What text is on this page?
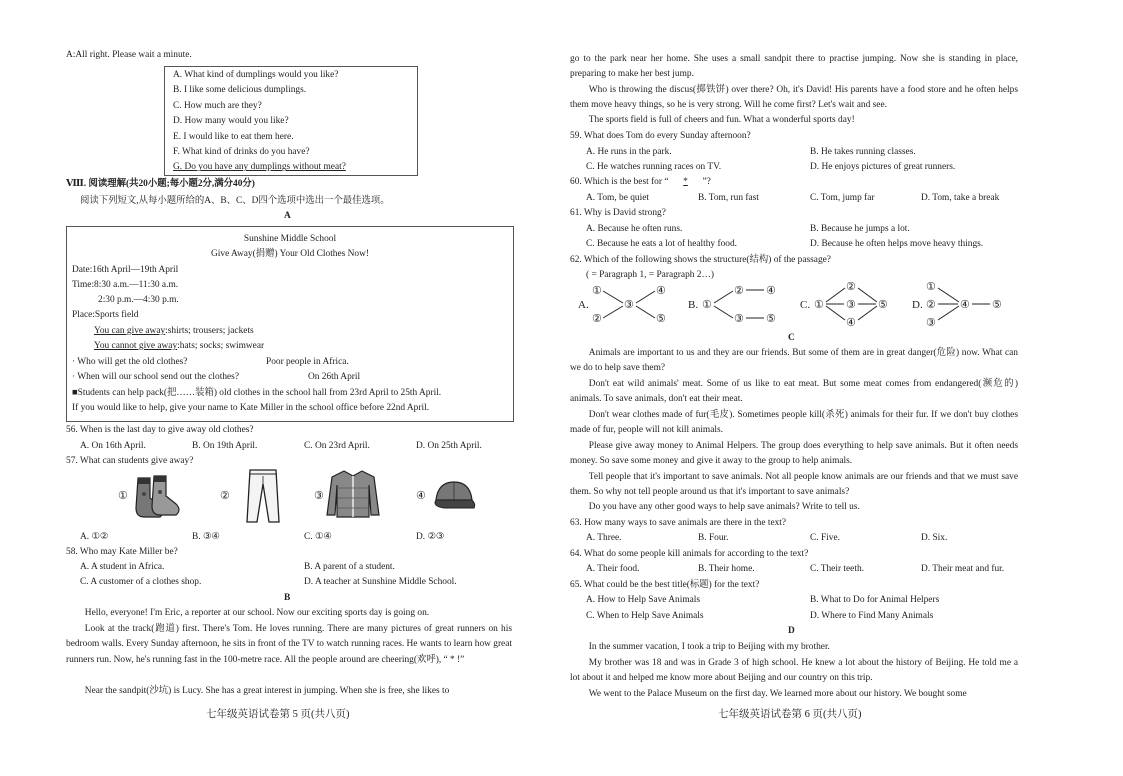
A:All right. Please wait a minute.
A. What kind of dumplings would you like?
B. I like some delicious dumplings.
C. How much are they?
D. How many would you like?
E. I would like to eat them here.
F. What kind of drinks do you have?
G. Do you have any dumplings without meat?
Ⅷ. 阅读理解(共20小题;每小题2分,满分40分)
阅读下列短文,从每小题所给的A、B、C、D四个选项中选出一个最佳选项。
A
Sunshine Middle School
Give Away(捐赠) Your Old Clothes Now!
Date:16th April—19th April
Time:8:30 a.m.—11:30 a.m.
2:30 p.m.—4:30 p.m.
Place:Sports field
You can give away:shirts; trousers; jackets
You cannot give away:hats; socks; swimwear
· Who will get the old clothes?	Poor people in Africa.
· When will our school send out the clothes?	On 26th April
■Students can help pack(把……装箱) old clothes in the school hall from 23rd April to 25th April.
If you would like to help, give your name to Kate Miller in the school office before 22nd April.
56. When is the last day to give away old clothes?
A. On 16th April.	B. On 19th April.	C. On 23rd April.	D. On 25th April.
57. What can students give away?
①	②	③	④
A. ①②	B. ③④	C. ①④	D. ②③
58. Who may Kate Miller be?
A. A student in Africa.	B. A parent of a student.
C. A customer of a clothes shop.	D. A teacher at Sunshine Middle School.
B
Hello, everyone! I'm Eric, a reporter at our school. Now our exciting sports day is going on.
Look at the track(跑道) first. There's Tom. He loves running. There are many pictures of great runners on his bedroom walls. Every Sunday afternoon, he sits in front of the TV to watch running races. He wants to learn how great runners run. Now, he's running fast in the 100-metre race. All the people around are cheering(欢呼), “ * !”
Near the sandpit(沙坑) is Lucy. She has a great interest in jumping. When she is free, she likes to
七年级英语试卷第 5 页(共八页)
go to the park near her home. She uses a small sandpit there to practise jumping. Now she is standing in place, preparing to make her best jump.
Who is throwing the discus(掷铁饼) over there? Oh, it's David! His parents have a food store and he often helps them move heavy things, so he is very strong. Will he come first? Let's wait and see.
The sports field is full of cheers and fun. What a wonderful sports day!
59. What does Tom do every Sunday afternoon?
A. He runs in the park.	B. He takes running classes.
C. He watches running races on TV.	D. He enjoys pictures of great runners.
60. Which is the best for “ * ”?
A. Tom, be quiet	B. Tom, run fast	C. Tom, jump far	D. Tom, take a break
61. Why is David strong?
A. Because he often runs.	B. Because he jumps a lot.
C. Because he eats a lot of healthy food.	D. Because he often helps move heavy things.
62. Which of the following shows the structure(结构) of the passage?
( = Paragraph 1, = Paragraph 2…)
A.
①
②
③
④
⑤
B. ①
②
③
④
⑤
C. ①
②
③
④
⑤ D.
①
②
③
④ ⑤
C
Animals are important to us and they are our friends. But some of them are in great danger(危险) now. What can we do to help save them?
Don't eat wild animals' meat. Some of us like to eat meat. But some meat comes from endangered(濒危的) animals. To save animals, don't eat their meat.
Don't wear clothes made of fur(毛皮). Sometimes people kill(杀死) animals for their fur. If we don't buy clothes made of fur, people will not kill animals.
Please give away money to Animal Helpers. The group does everything to help save animals. But it often needs money. So save some money and give it away to the group to help animals.
Tell people that it's important to save animals. Not all people know animals are our friends and that we must save them. So why not tell people around us that it's important to save animals?
Do you have any other good ways to help save animals? Write to tell us.
63. How many ways to save animals are there in the text?
A. Three.	B. Four.	C. Five.	D. Six.
64. What do some people kill animals for according to the text?
A. Their food.	B. Their home.	C. Their teeth.	D. Their meat and fur.
65. What could be the best title(标题) for the text?
A. How to Help Save Animals	B. What to Do for Animal Helpers
C. When to Help Save Animals	D. Where to Find Many Animals
D
In the summer vacation, I took a trip to Beijing with my brother.
My brother was 18 and was in Grade 3 of high school. He knew a lot about the history of Beijing. He told me a lot about it and helped me know more about Beijing and our country on this trip.
We went to the Palace Museum on the first day. We learned more about our history. We bought some
七年级英语试卷第 6 页(共八页)
